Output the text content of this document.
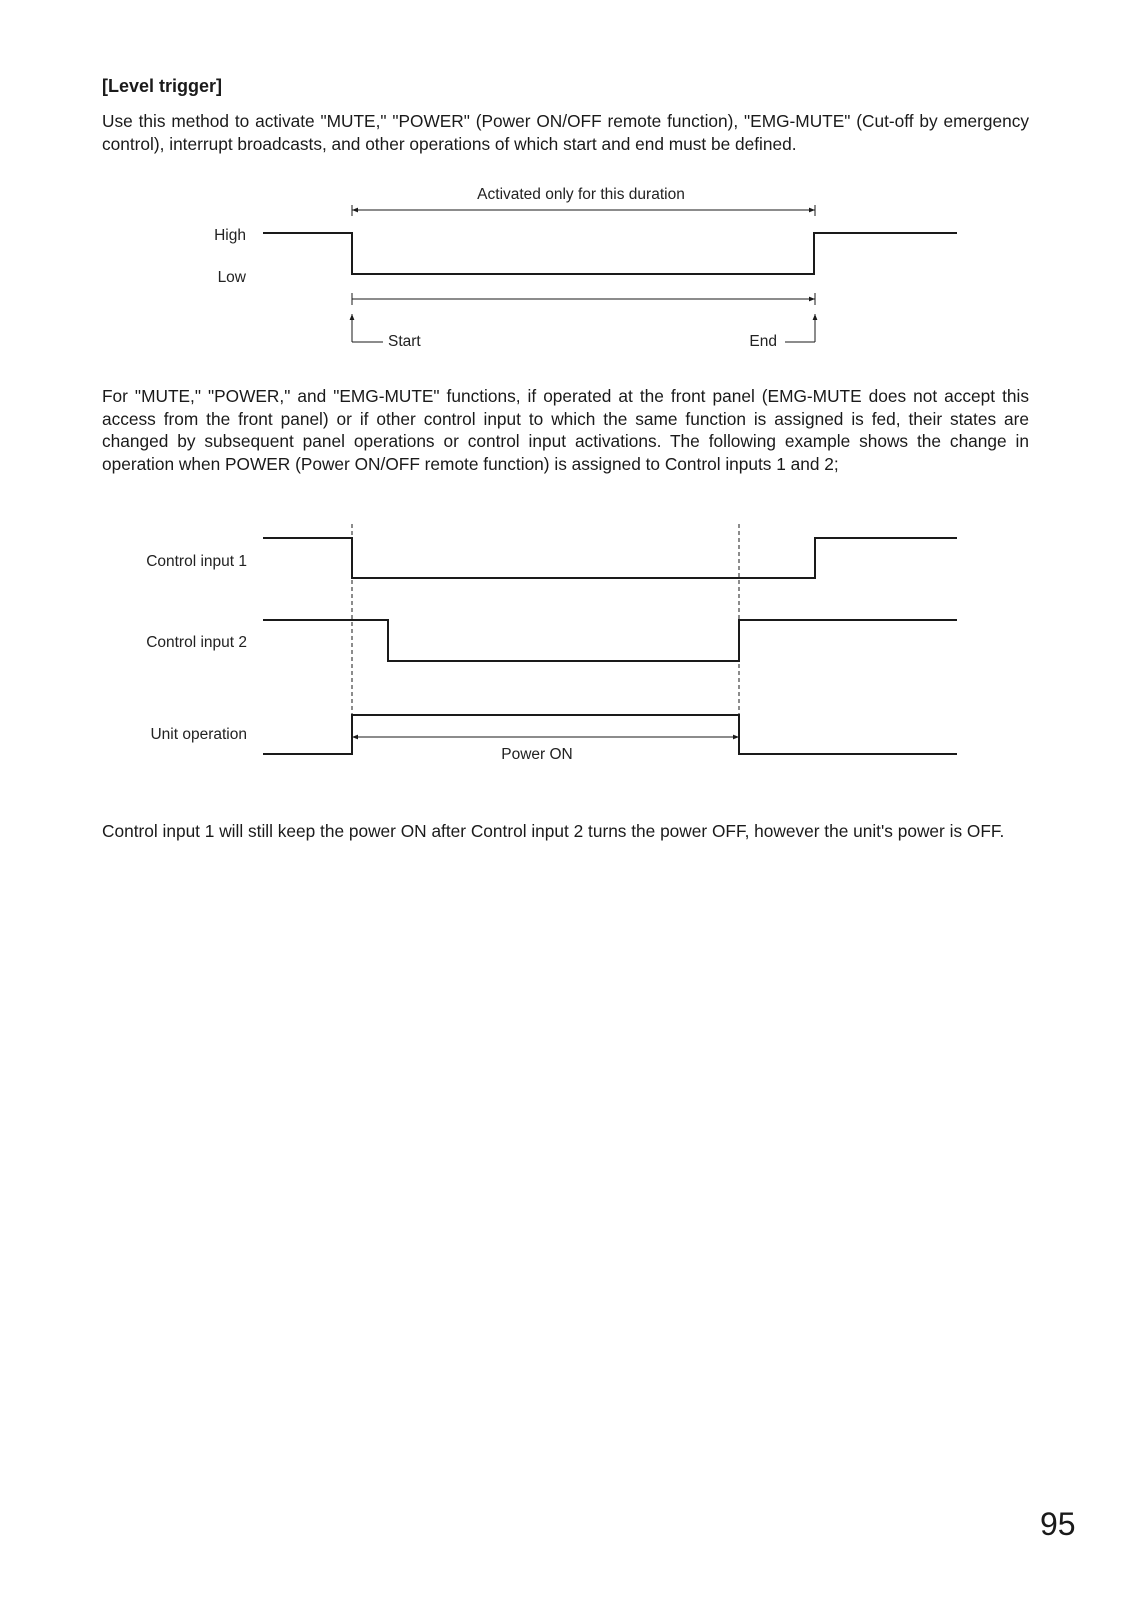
[Level trigger]
Use this method to activate "MUTE," "POWER" (Power ON/OFF remote function), "EMG-MUTE" (Cut-off by emergency control), interrupt broadcasts, and other operations of which start and end must be defined.
Activated only for this duration
High
Low
Start	End
For "MUTE," "POWER," and "EMG-MUTE" functions, if operated at the front panel (EMG-MUTE does not accept this access from the front panel) or if other control input to which the same function is assigned is fed, their states are changed by subsequent panel operations or control input activations. The following example shows the change in operation when POWER (Power ON/OFF remote function) is assigned to Control inputs 1 and 2;
Control input 1
Control input 2
Unit operation
Power ON
Control input 1 will still keep the power ON after Control input 2 turns the power OFF, however the unit's power is OFF.
95
